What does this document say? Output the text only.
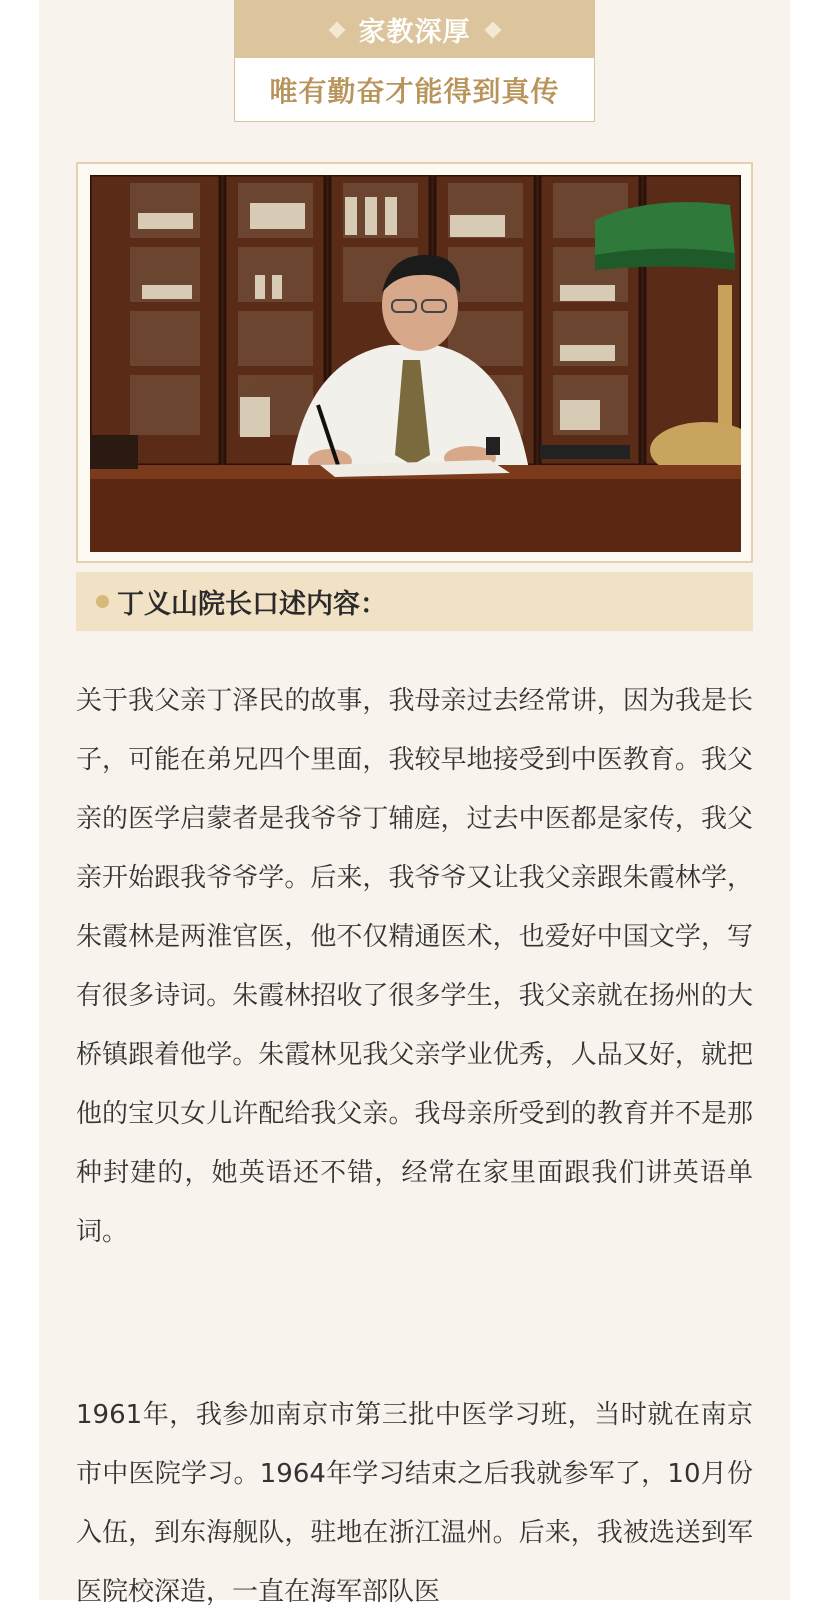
家教深厚
唯有勤奋才能得到真传
丁义山院长口述内容：

关于我父亲丁泽民的故事，我母亲过去经常讲，因为我是长子，可能在弟兄四个里面，我较早地接受到中医教育。我父亲的医学启蒙者是我爷爷丁辅庭，过去中医都是家传，我父亲开始跟我爷爷学。后来，我爷爷又让我父亲跟朱霞林学，朱霞林是两淮官医，他不仅精通医术，也爱好中国文学，写有很多诗词。朱霞林招收了很多学生，我父亲就在扬州的大桥镇跟着他学。朱霞林见我父亲学业优秀，人品又好，就把他的宝贝女儿许配给我父亲。我母亲所受到的教育并不是那种封建的，她英语还不错，经常在家里面跟我们讲英语单词。

1961年，我参加南京市第三批中医学习班，当时就在南京市中医院学习。1964年学习结束之后我就参军了，10月份入伍，到东海舰队，驻地在浙江温州。后来，我被选送到军医院校深造，一直在海军部队医
